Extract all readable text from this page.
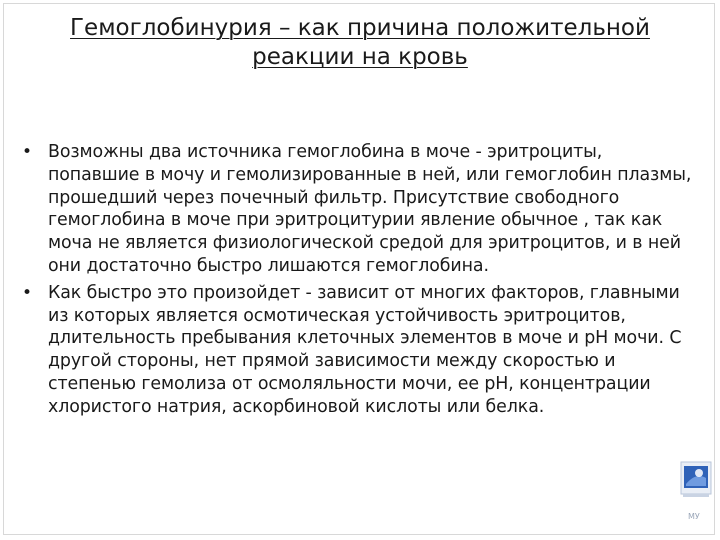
Гемоглобинурия – как причина положительной
реакции на кровь
• Возможны два источника гемоглобина в моче - эритроциты, попавшие в мочу и гемолизированные в ней, или гемоглобин плазмы, прошедший через почечный фильтр. Присутствие свободного гемоглобина в моче при эритроцитурии явление обычное , так как моча не является физиологической средой для эритроцитов, и в ней они достаточно быстро лишаются гемоглобина.
• Как быстро это произойдет - зависит от многих факторов, главными из которых является осмотическая устойчивость эритроцитов, длительность пребывания клеточных элементов в моче и рН мочи. С другой стороны, нет прямой зависимости между скоростью и степенью гемолиза от осмоляльности мочи, ее рН, концентрации хлористого натрия, аскорбиновой кислоты или белка.
МУ
